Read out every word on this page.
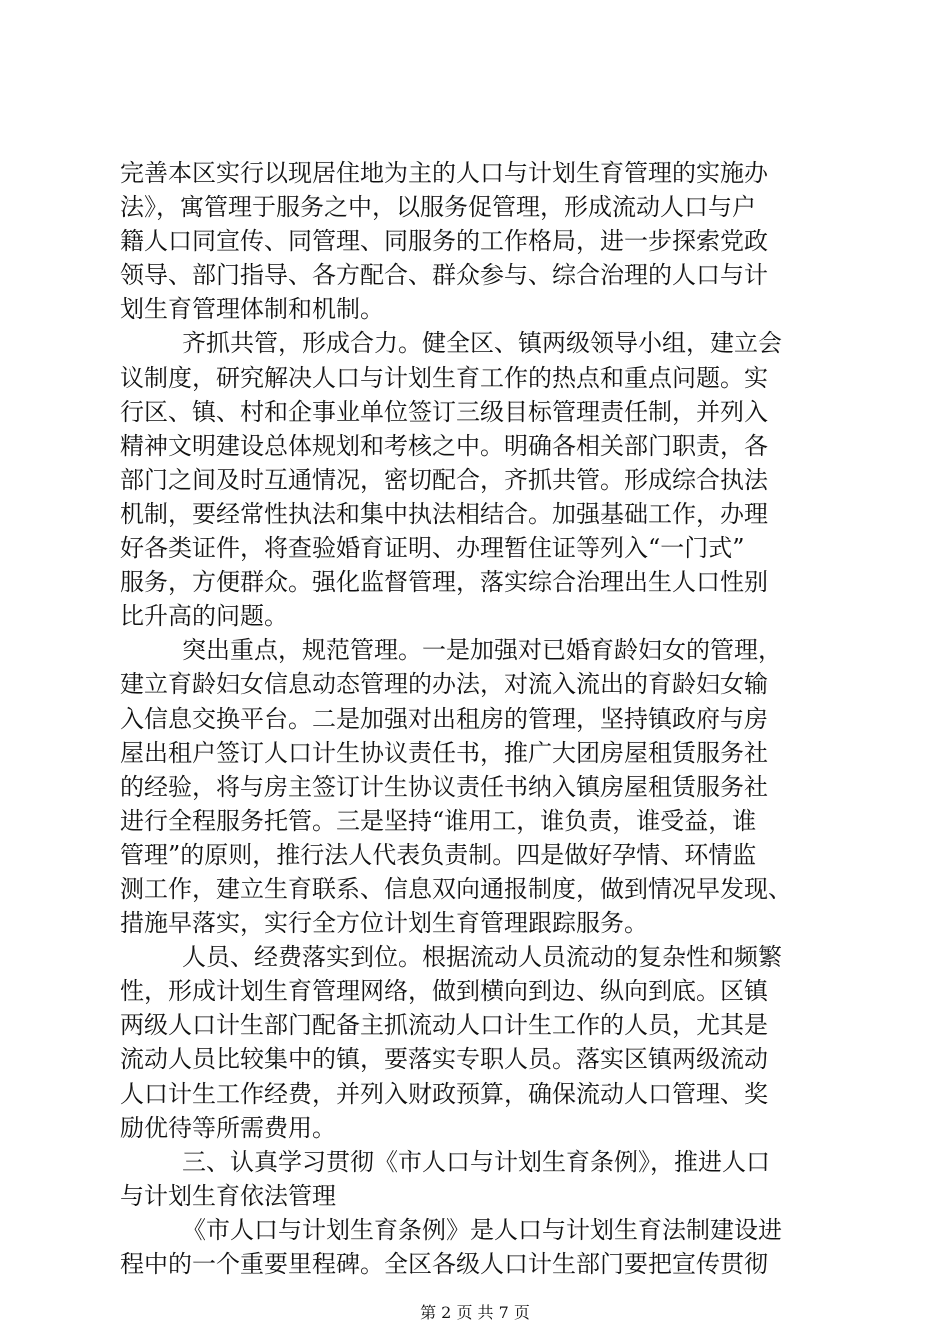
完善本区实行以现居住地为主的人口与计划生育管理的实施办
法》，寓管理于服务之中，以服务促管理，形成流动人口与户
籍人口同宣传、同管理、同服务的工作格局，进一步探索党政
领导、部门指导、各方配合、群众参与、综合治理的人口与计
划生育管理体制和机制。
齐抓共管，形成合力。健全区、镇两级领导小组，建立会
议制度，研究解决人口与计划生育工作的热点和重点问题。实
行区、镇、村和企事业单位签订三级目标管理责任制，并列入
精神文明建设总体规划和考核之中。明确各相关部门职责，各
部门之间及时互通情况，密切配合，齐抓共管。形成综合执法
机制，要经常性执法和集中执法相结合。加强基础工作，办理
好各类证件，将查验婚育证明、办理暂住证等列入“一门式”
服务，方便群众。强化监督管理，落实综合治理出生人口性别
比升高的问题。
突出重点，规范管理。一是加强对已婚育龄妇女的管理，
建立育龄妇女信息动态管理的办法，对流入流出的育龄妇女输
入信息交换平台。二是加强对出租房的管理，坚持镇政府与房
屋出租户签订人口计生协议责任书，推广大团房屋租赁服务社
的经验，将与房主签订计生协议责任书纳入镇房屋租赁服务社
进行全程服务托管。三是坚持“谁用工，谁负责，谁受益，谁
管理”的原则，推行法人代表负责制。四是做好孕情、环情监
测工作，建立生育联系、信息双向通报制度，做到情况早发现、
措施早落实，实行全方位计划生育管理跟踪服务。
人员、经费落实到位。根据流动人员流动的复杂性和频繁
性，形成计划生育管理网络，做到横向到边、纵向到底。区镇
两级人口计生部门配备主抓流动人口计生工作的人员，尤其是
流动人员比较集中的镇，要落实专职人员。落实区镇两级流动
人口计生工作经费，并列入财政预算，确保流动人口管理、奖
励优待等所需费用。
三、认真学习贯彻《市人口与计划生育条例》，推进人口
与计划生育依法管理
《市人口与计划生育条例》是人口与计划生育法制建设进
程中的一个重要里程碑。全区各级人口计生部门要把宣传贯彻
第 2 页 共 7 页
